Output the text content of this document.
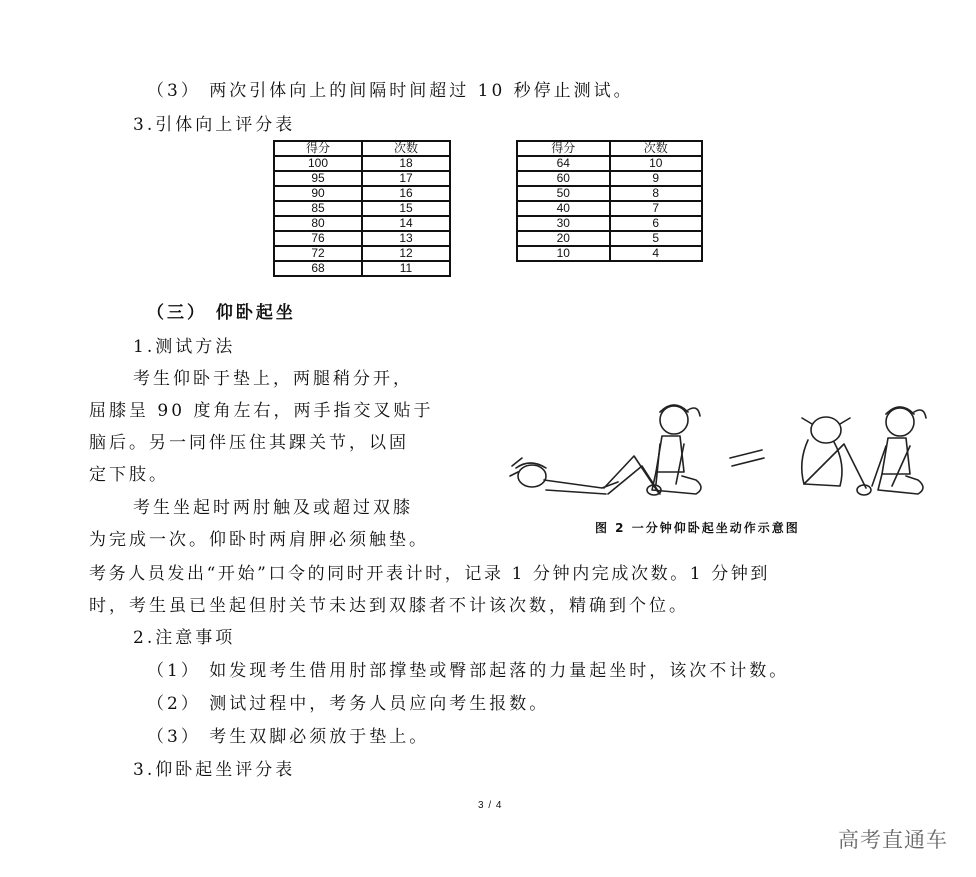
（3） 两次引体向上的间隔时间超过 10 秒停止测试。
3.引体向上评分表
得分	次数
100	18
95	17
90	16
85	15
80	14
76	13
72	12
68	11
得分	次数
64	10
60	9
50	8
40	7
30	6
20	5
10	4
（三） 仰卧起坐
1.测试方法
考生仰卧于垫上，两腿稍分开，
屈膝呈 90 度角左右，两手指交叉贴于
脑后。另一同伴压住其踝关节，以固
定下肢。
考生坐起时两肘触及或超过双膝
为完成一次。仰卧时两肩胛必须触垫。
考务人员发出“开始”口令的同时开表计时，记录 1 分钟内完成次数。1 分钟到
时，考生虽已坐起但肘关节未达到双膝者不计该次数，精确到个位。
图 2 一分钟仰卧起坐动作示意图
2.注意事项
（1） 如发现考生借用肘部撑垫或臀部起落的力量起坐时，该次不计数。
（2） 测试过程中，考务人员应向考生报数。
（3） 考生双脚必须放于垫上。
3.仰卧起坐评分表
3 / 4
高考直通车
